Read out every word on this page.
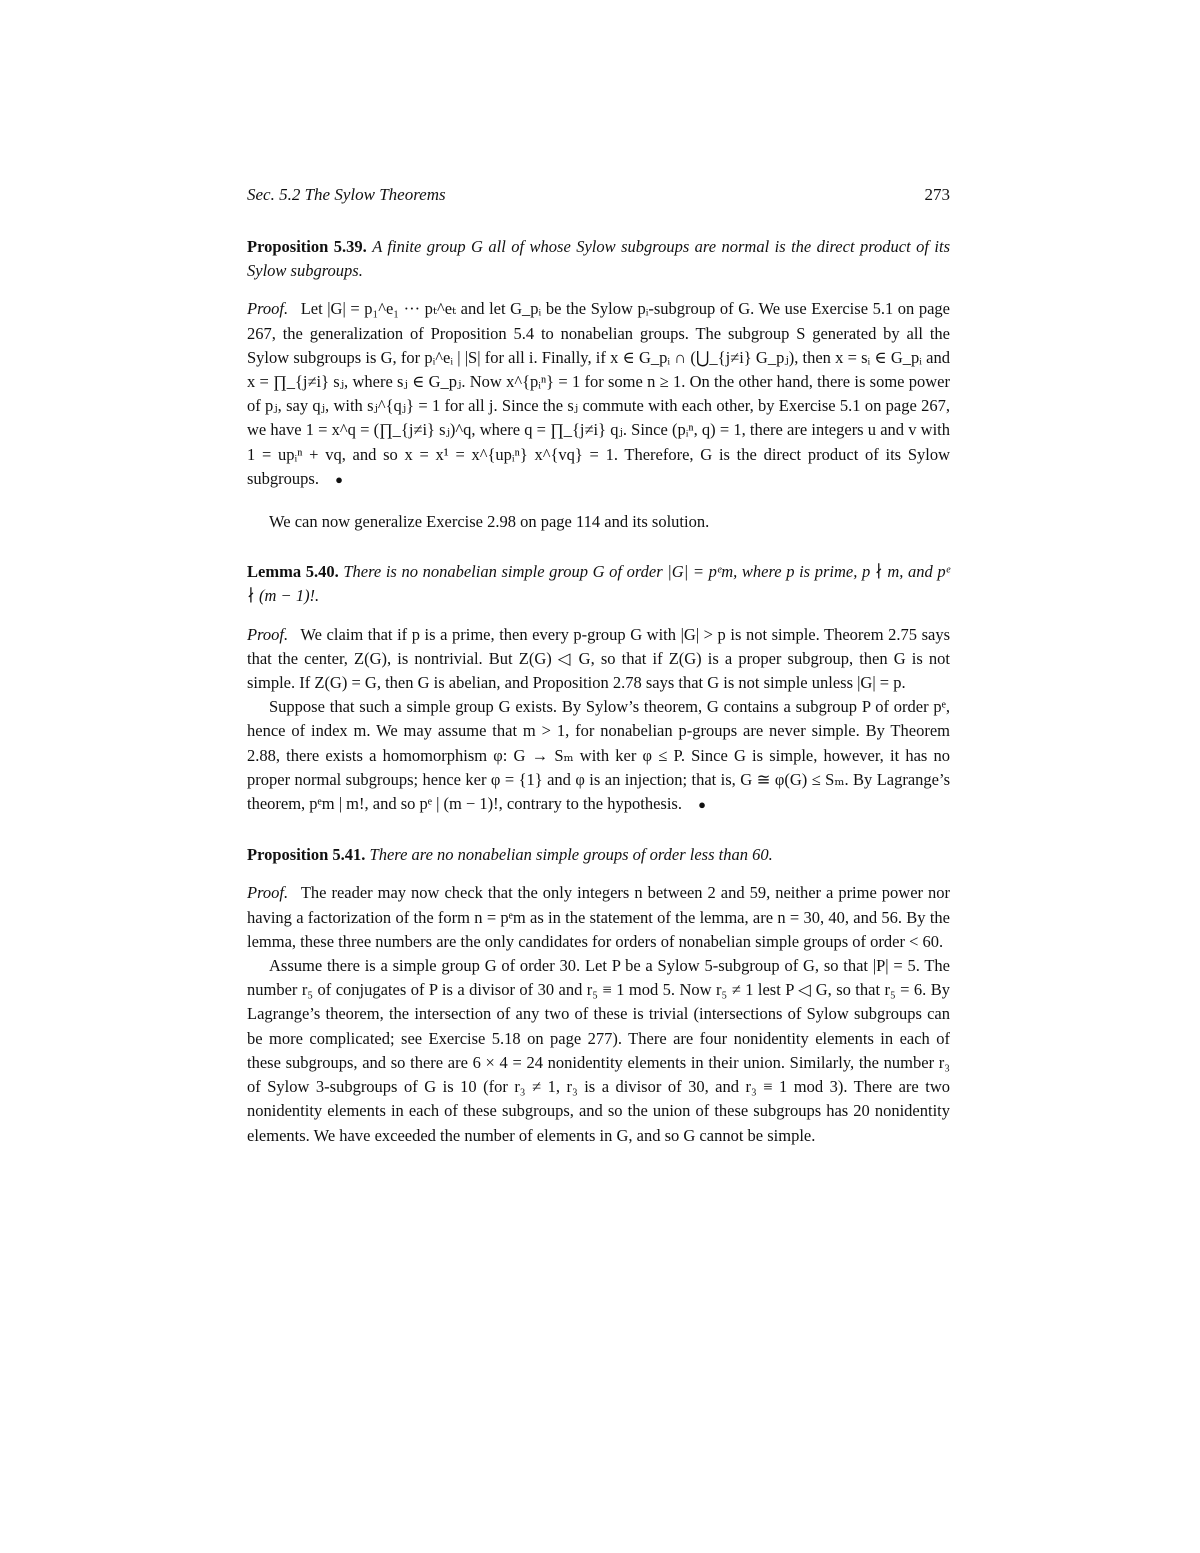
Sec. 5.2 The Sylow Theorems	273

Proposition 5.39. A finite group G all of whose Sylow subgroups are normal is the direct product of its Sylow subgroups.

Proof. Let |G| = p₁^e₁ ··· pₜ^eₜ and let G_pᵢ be the Sylow pᵢ-subgroup of G. We use Exercise 5.1 on page 267, the generalization of Proposition 5.4 to nonabelian groups. The subgroup S generated by all the Sylow subgroups is G, for pᵢ^eᵢ | |S| for all i. Finally, if x ∈ G_pᵢ ∩ (⋃_{j≠i} G_pⱼ), then x = sᵢ ∈ G_pᵢ and x = ∏_{j≠i} sⱼ, where sⱼ ∈ G_pⱼ. Now x^{pᵢⁿ} = 1 for some n ≥ 1. On the other hand, there is some power of pⱼ, say qⱼ, with sⱼ^{qⱼ} = 1 for all j. Since the sⱼ commute with each other, by Exercise 5.1 on page 267, we have 1 = x^q = (∏_{j≠i} sⱼ)^q, where q = ∏_{j≠i} qⱼ. Since (pᵢⁿ, q) = 1, there are integers u and v with 1 = upᵢⁿ + vq, and so x = x¹ = x^{upᵢⁿ} x^{vq} = 1. Therefore, G is the direct product of its Sylow subgroups. ●

We can now generalize Exercise 2.98 on page 114 and its solution.

Lemma 5.40. There is no nonabelian simple group G of order |G| = pᵉm, where p is prime, p ∤ m, and pᵉ ∤ (m − 1)!.

Proof. We claim that if p is a prime, then every p-group G with |G| > p is not simple. Theorem 2.75 says that the center, Z(G), is nontrivial. But Z(G) ◁ G, so that if Z(G) is a proper subgroup, then G is not simple. If Z(G) = G, then G is abelian, and Proposition 2.78 says that G is not simple unless |G| = p.

Suppose that such a simple group G exists. By Sylow’s theorem, G contains a subgroup P of order pᵉ, hence of index m. We may assume that m > 1, for nonabelian p-groups are never simple. By Theorem 2.88, there exists a homomorphism φ: G → Sₘ with ker φ ≤ P. Since G is simple, however, it has no proper normal subgroups; hence ker φ = {1} and φ is an injection; that is, G ≅ φ(G) ≤ Sₘ. By Lagrange’s theorem, pᵉm | m!, and so pᵉ | (m − 1)!, contrary to the hypothesis. ●

Proposition 5.41. There are no nonabelian simple groups of order less than 60.

Proof. The reader may now check that the only integers n between 2 and 59, neither a prime power nor having a factorization of the form n = pᵉm as in the statement of the lemma, are n = 30, 40, and 56. By the lemma, these three numbers are the only candidates for orders of nonabelian simple groups of order < 60.

Assume there is a simple group G of order 30. Let P be a Sylow 5-subgroup of G, so that |P| = 5. The number r₅ of conjugates of P is a divisor of 30 and r₅ ≡ 1 mod 5. Now r₅ ≠ 1 lest P ◁ G, so that r₅ = 6. By Lagrange’s theorem, the intersection of any two of these is trivial (intersections of Sylow subgroups can be more complicated; see Exercise 5.18 on page 277). There are four nonidentity elements in each of these subgroups, and so there are 6 × 4 = 24 nonidentity elements in their union. Similarly, the number r₃ of Sylow 3-subgroups of G is 10 (for r₃ ≠ 1, r₃ is a divisor of 30, and r₃ ≡ 1 mod 3). There are two nonidentity elements in each of these subgroups, and so the union of these subgroups has 20 nonidentity elements. We have exceeded the number of elements in G, and so G cannot be simple.
